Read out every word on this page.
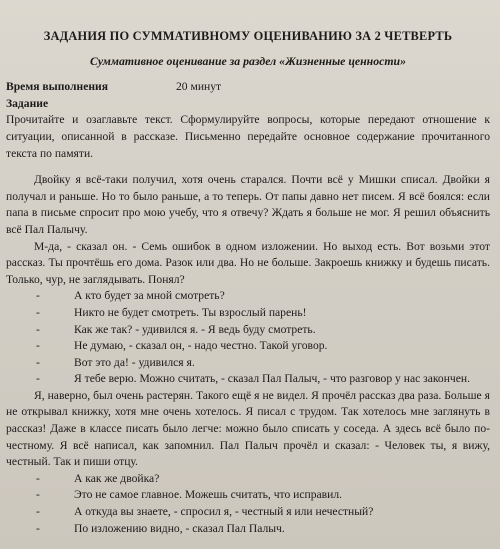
ЗАДАНИЯ ПО СУММАТИВНОМУ ОЦЕНИВАНИЮ ЗА 2 ЧЕТВЕРТЬ
Суммативное оценивание за раздел «Жизненные ценности»
Время выполнения	20 минут
Задание

Прочитайте и озаглавьте текст. Сформулируйте вопросы, которые передают отношение к ситуации, описанной в рассказе. Письменно передайте основное содержание прочитанного текста по памяти.

Двойку я всё-таки получил, хотя очень старался. Почти всё у Мишки списал. Двойки я получал и раньше. Но то было раньше, а то теперь. От папы давно нет писем. Я всё боялся: если папа в письме спросит про мою учебу, что я отвечу? Ждать я больше не мог. Я решил объяснить всё Пал Палычу.

М-да, - сказал он. - Семь ошибок в одном изложении. Но выход есть. Вот возьми этот рассказ. Ты прочтёшь его дома. Разок или два. Но не больше. Закроешь книжку и будешь писать. Только, чур, не заглядывать. Понял?

-	А кто будет за мной смотреть?
-	Никто не будет смотреть. Ты взрослый парень!
-	Как же так? - удивился я. - Я ведь буду смотреть.
-	Не думаю, - сказал он, - надо честно. Такой уговор.
-	Вот это да! - удивился я.
-	Я тебе верю. Можно считать, - сказал Пал Палыч, - что разговор у нас закончен.

Я, наверно, был очень растерян. Такого ещё я не видел. Я прочёл рассказ два раза. Больше я не открывал книжку, хотя мне очень хотелось. Я писал с трудом. Так хотелось мне заглянуть в рассказ! Даже в классе писать было легче: можно было списать у соседа. А здесь всё было по-честному. Я всё написал, как запомнил. Пал Палыч прочёл и сказал: - Человек ты, я вижу, честный. Так и пиши отцу.

-	А как же двойка?
-	Это не самое главное. Можешь считать, что исправил.
-	А откуда вы знаете, - спросил я, - честный я или нечестный?
-	По изложению видно, - сказал Пал Палыч.
